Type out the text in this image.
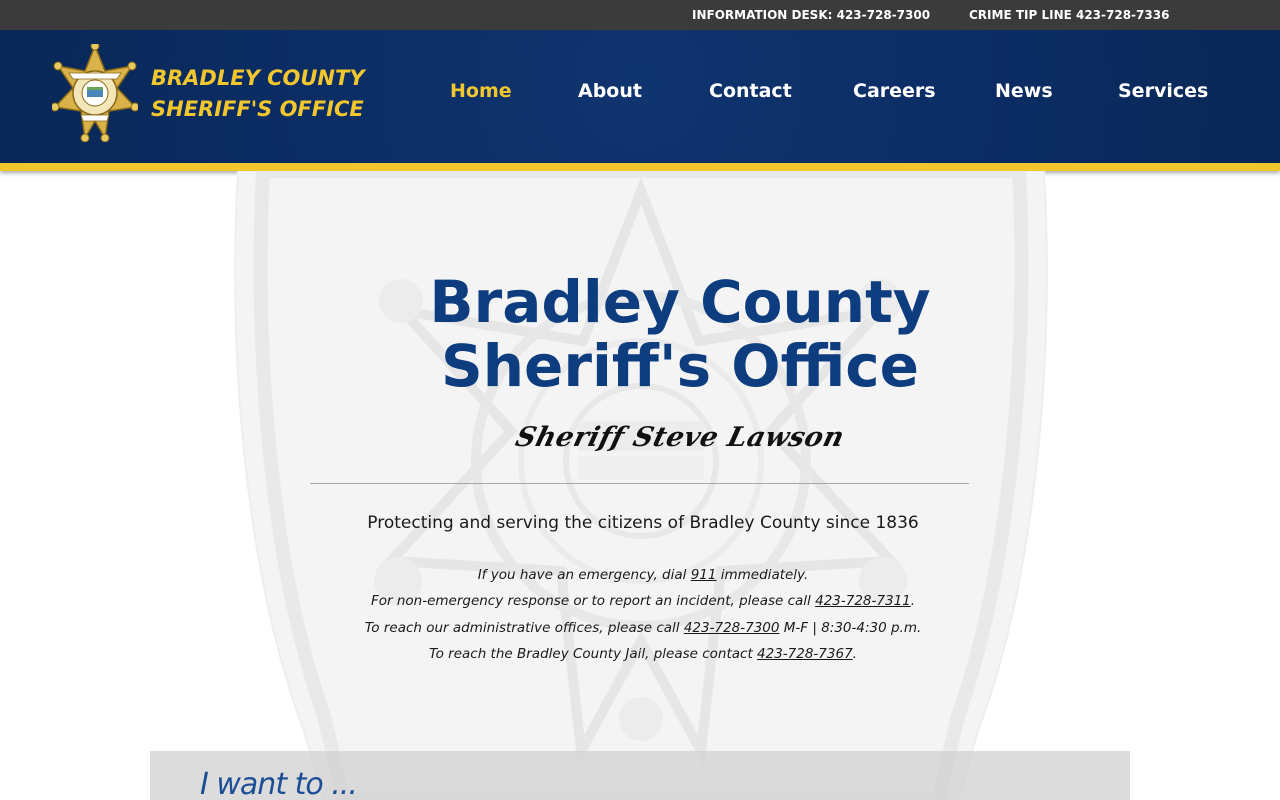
INFORMATION DESK: 423-728-7300	CRIME TIP LINE 423-728-7336
BRADLEY COUNTY
SHERIFF'S OFFICE
Home	About	Contact	Careers	News	Services
Bradley County
Sheriff's Office
Sheriff Steve Lawson
Protecting and serving the citizens of Bradley County since 1836
If you have an emergency, dial 911 immediately.
For non-emergency response or to report an incident, please call 423-728-7311.
To reach our administrative offices, please call 423-728-7300 M-F | 8:30-4:30 p.m.
To reach the Bradley County Jail, please contact 423-728-7367.
I want to ...
